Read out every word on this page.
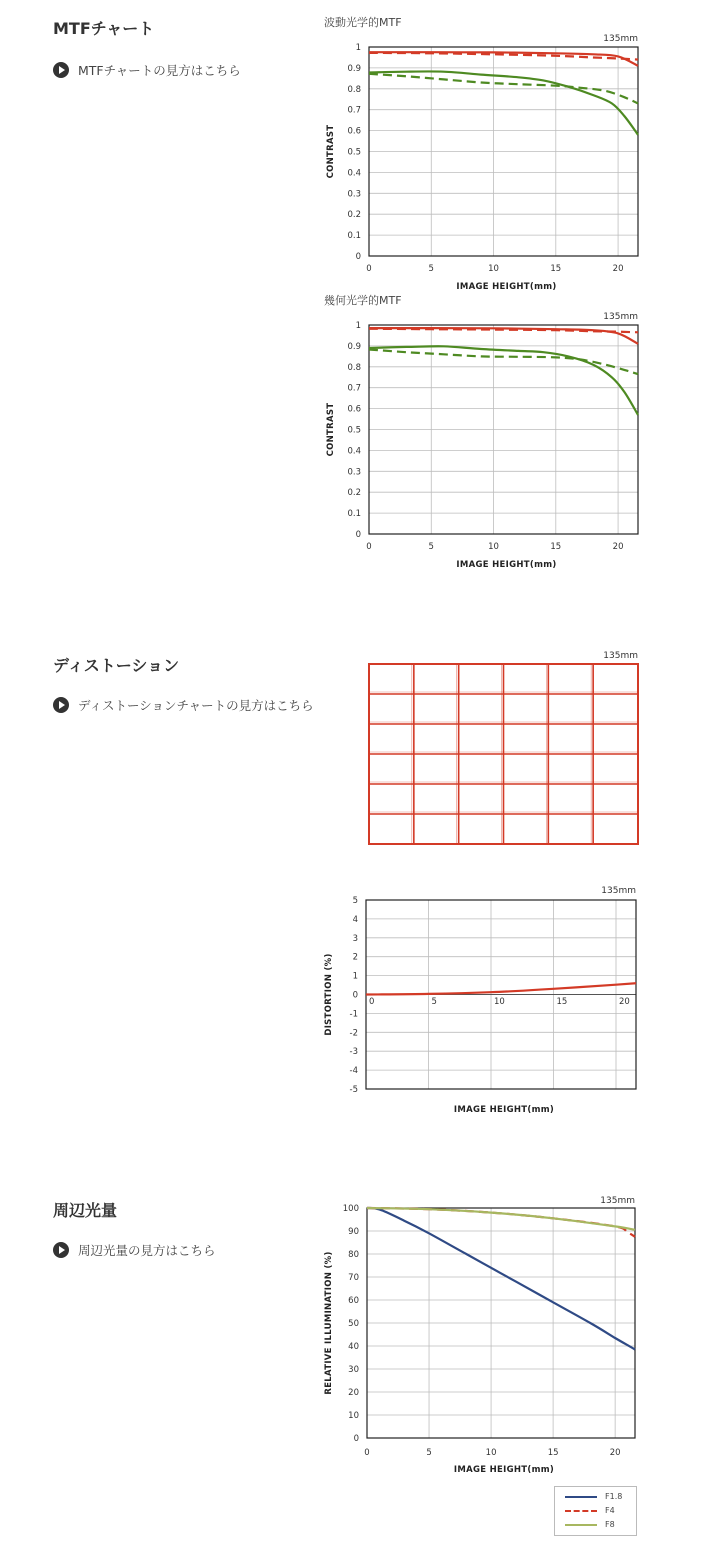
MTFチャート
MTFチャートの見方はこちら
ディストーション
ディストーションチャートの見方はこちら
周辺光量
周辺光量の見方はこちら
波動光学的MTF
135mm
0
0.1
0.2
0.3
0.4
0.5
0.6
0.7
0.8
0.9
1
0	5	10	15	20
IMAGE HEIGHT(mm)
CONTRAST
幾何光学的MTF
135mm
0
0.1
0.2
0.3
0.4
0.5
0.6
0.7
0.8
0.9
1
0	5	10	15	20
IMAGE HEIGHT(mm)
CONTRAST
135mm
135mm
-5
-4
-3
-2
-1
0
1
2
3
4
5
0	5	10	15	20
IMAGE HEIGHT(mm)
DISTORTION (%)
135mm
0
10
20
30
40
50
60
70
80
90
100
0	5	10	15	20
IMAGE HEIGHT(mm)
RELATIVE ILLUMINATION (%)
F1.8
F4
F8
